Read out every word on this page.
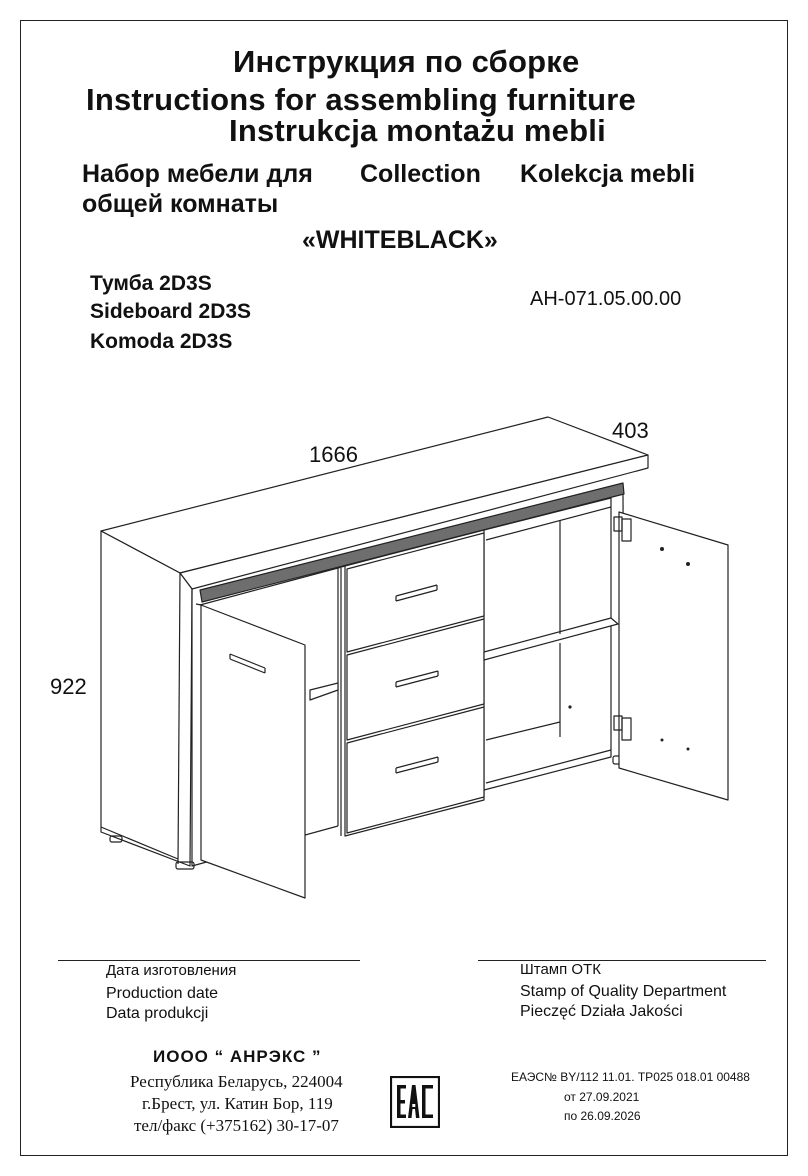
Инструкция по сборке
Instructions for assembling furniture
Instrukcja montażu mebli
Набор мебели для
общей комнаты
Collection Kolekcja mebli
«WHITEBLACK»
Тумба 2D3S
Sideboard 2D3S
Komoda 2D3S
AH-071.05.00.00
1666
403
922
Дата изготовления
Production date
Data produkcji
Штамп ОТК
Stamp of Quality Department
Pieczęć Działa Jakości
ИООО “ АНРЭКС ”
Республика Беларусь, 224004
г.Брест, ул. Катин Бор, 119
тел/факс (+375162) 30-17-07
ЕАЭС№ BY/112 11.01. ТР025 018.01 00488
от 27.09.2021
по 26.09.2026
